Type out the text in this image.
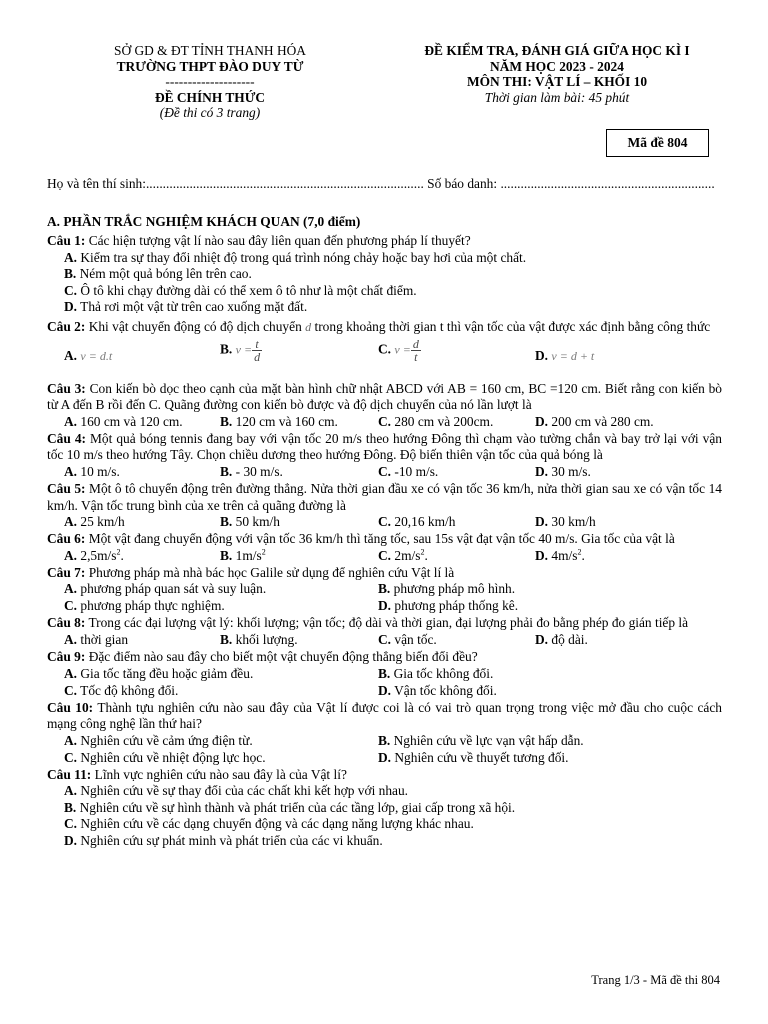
SỞ GD & ĐT TỈNH THANH HÓA
TRƯỜNG THPT ĐÀO DUY TỪ
--------------------
ĐỀ CHÍNH THỨC
(Đề thi có 3 trang)
ĐỀ KIỂM TRA, ĐÁNH GIÁ GIỮA HỌC KÌ I
NĂM HỌC 2023 - 2024
MÔN THI: VẬT LÍ – KHỐI 10
Thời gian làm bài: 45 phút
Mã đề 804
Họ và tên thí sinh:................................................................................... Số báo danh: ................................................................
A. PHẦN TRẮC NGHIỆM KHÁCH QUAN (7,0 điểm)
Câu 1: Các hiện tượng vật lí nào sau đây liên quan đến phương pháp lí thuyết?
A. Kiểm tra sự thay đổi nhiệt độ trong quá trình nóng chảy hoặc bay hơi của một chất.
B. Ném một quả bóng lên trên cao.
C. Ô tô khi chạy đường dài có thể xem ô tô như là một chất điểm.
D. Thả rơi một vật từ trên cao xuống mặt đất.
Câu 2: Khi vật chuyển động có độ dịch chuyển d trong khoảng thời gian t thì vận tốc của vật được xác định bằng công thức
A. v = d.t	B. $v = \frac{t}{d}$	C. $v = \frac{d}{t}$	D. v = d + t
Câu 3: Con kiến bò dọc theo cạnh của mặt bàn hình chữ nhật ABCD với AB = 160 cm, BC =120 cm. Biết rằng con kiến bò từ A đến B rồi đến C. Quãng đường con kiến bò được và độ dịch chuyển của nó lần lượt là
A. 160 cm và 120 cm.	B. 120 cm và 160 cm.	C. 280 cm và 200cm.	D. 200 cm và 280 cm.
Câu 4: Một quả bóng tennis đang bay với vận tốc 20 m/s theo hướng Đông thì chạm vào tường chắn và bay trở lại với vận tốc 10 m/s theo hướng Tây. Chọn chiều dương theo hướng Đông. Độ biến thiên vận tốc của quả bóng là
A. 10 m/s.	B. - 30 m/s.	C. -10 m/s.	D. 30 m/s.
Câu 5: Một ô tô chuyển động trên đường thẳng. Nửa thời gian đầu xe có vận tốc 36 km/h, nửa thời gian sau xe có vận tốc 14 km/h. Vận tốc trung bình của xe trên cả quãng đường là
A. 25 km/h	B. 50 km/h	C. 20,16 km/h	D. 30 km/h
Câu 6: Một vật đang chuyển động với vận tốc 36 km/h thì tăng tốc, sau 15s vật đạt vận tốc 40 m/s. Gia tốc của vật là
A. $2,5m/s^2$.	B. $1m/s^2$	C. $2m/s^2$.	D. $4m/s^2$.
Câu 7: Phương pháp mà nhà bác học Galile sử dụng để nghiên cứu Vật lí là
A. phương pháp quan sát và suy luận.	B. phương pháp mô hình.
C. phương pháp thực nghiệm.	D. phương pháp thống kê.
Câu 8: Trong các đại lượng vật lý: khối lượng; vận tốc; độ dài và thời gian, đại lượng phải đo bằng phép đo gián tiếp là
A. thời gian	B. khối lượng.	C. vận tốc.	D. độ dài.
Câu 9: Đặc điểm nào sau đây cho biết một vật chuyển động thẳng biến đổi đều?
A. Gia tốc tăng đều hoặc giảm đều.	B. Gia tốc không đổi.
C. Tốc độ không đổi.	D. Vận tốc không đổi.
Câu 10: Thành tựu nghiên cứu nào sau đây của Vật lí được coi là có vai trò quan trọng trong việc mở đầu cho cuộc cách mạng công nghệ lần thứ hai?
A. Nghiên cứu về cảm ứng điện từ.	B. Nghiên cứu về lực vạn vật hấp dẫn.
C. Nghiên cứu về nhiệt động lực học.	D. Nghiên cứu về thuyết tương đối.
Câu 11: Lĩnh vực nghiên cứu nào sau đây là của Vật lí?
A. Nghiên cứu về sự thay đổi của các chất khi kết hợp với nhau.
B. Nghiên cứu về sự hình thành và phát triển của các tầng lớp, giai cấp trong xã hội.
C. Nghiên cứu về các dạng chuyển động và các dạng năng lượng khác nhau.
D. Nghiên cứu sự phát minh và phát triển của các vi khuẩn.
Trang 1/3 - Mã đề thi 804
